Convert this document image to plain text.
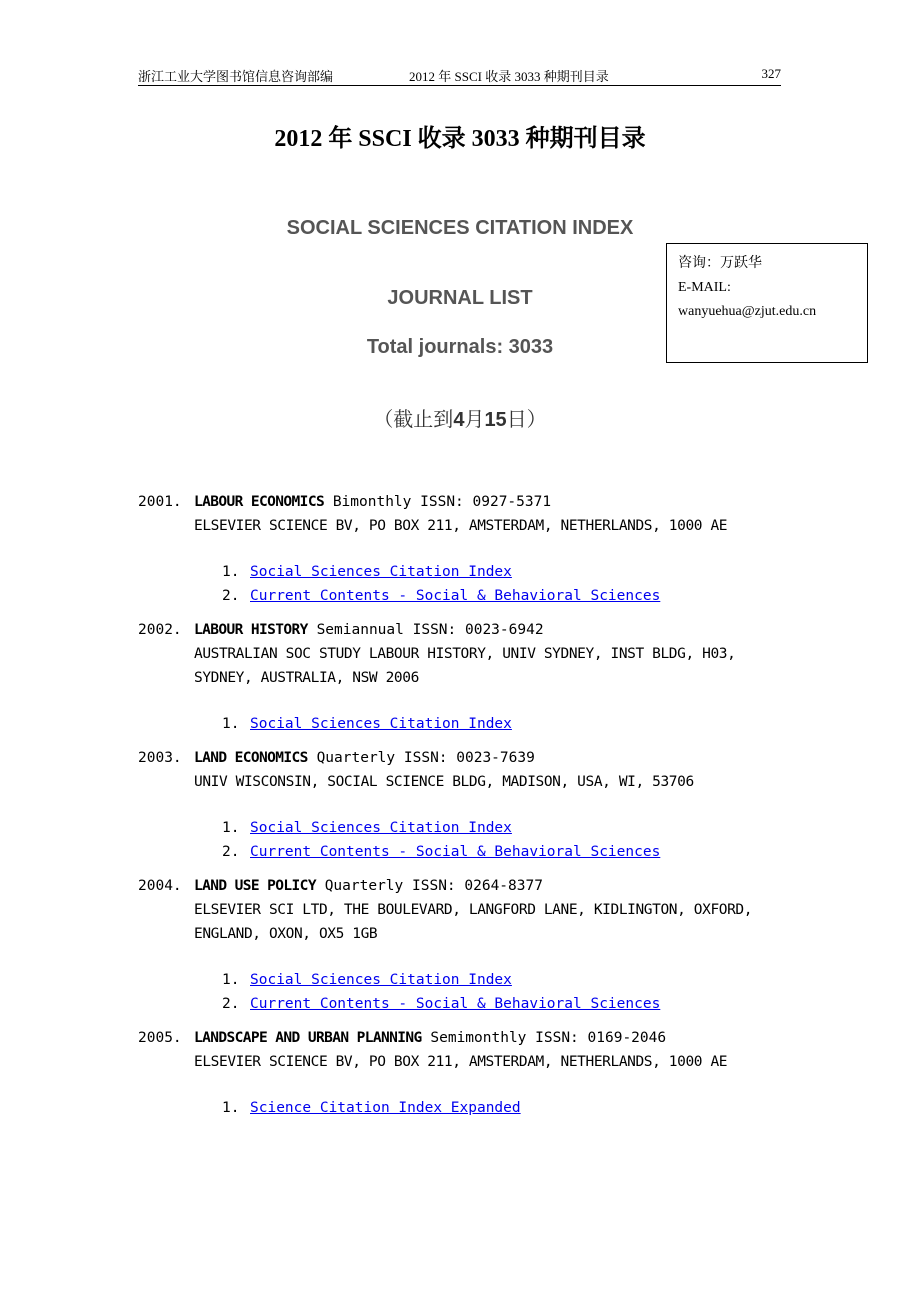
浙江工业大学图书馆信息咨询部编	2012 年 SSCI 收录 3033 种期刊目录	327
2012 年 SSCI 收录 3033 种期刊目录
SOCIAL SCIENCES CITATION INDEX
JOURNAL LIST
Total journals: 3033
咨询：万跃华
E-MAIL:
wanyuehua@zjut.edu.cn
（截止到4月15日）
2001. LABOUR ECONOMICS Bimonthly ISSN: 0927-5371
ELSEVIER SCIENCE BV, PO BOX 211, AMSTERDAM, NETHERLANDS, 1000 AE
1. Social Sciences Citation Index
2. Current Contents - Social & Behavioral Sciences
2002. LABOUR HISTORY Semiannual ISSN: 0023-6942
AUSTRALIAN SOC STUDY LABOUR HISTORY, UNIV SYDNEY, INST BLDG, H03,
SYDNEY, AUSTRALIA, NSW 2006
1. Social Sciences Citation Index
2003. LAND ECONOMICS Quarterly ISSN: 0023-7639
UNIV WISCONSIN, SOCIAL SCIENCE BLDG, MADISON, USA, WI, 53706
1. Social Sciences Citation Index
2. Current Contents - Social & Behavioral Sciences
2004. LAND USE POLICY Quarterly ISSN: 0264-8377
ELSEVIER SCI LTD, THE BOULEVARD, LANGFORD LANE, KIDLINGTON, OXFORD,
ENGLAND, OXON, OX5 1GB
1. Social Sciences Citation Index
2. Current Contents - Social & Behavioral Sciences
2005. LANDSCAPE AND URBAN PLANNING Semimonthly ISSN: 0169-2046
ELSEVIER SCIENCE BV, PO BOX 211, AMSTERDAM, NETHERLANDS, 1000 AE
1. Science Citation Index Expanded
